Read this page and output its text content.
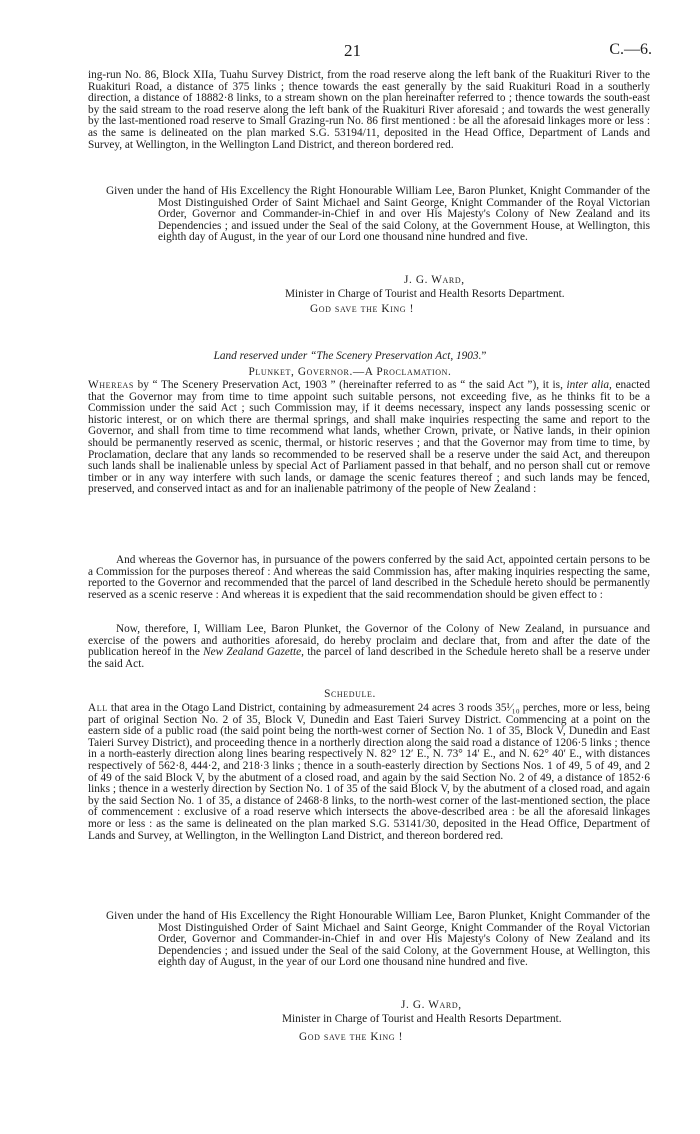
21	C.—6.

ing-run No. 86, Block XIIa, Tuahu Survey District, from the road reserve along the left bank of the Ruakituri River to the Ruakituri Road, a distance of 375 links ; thence towards the east generally by the said Ruakituri Road in a southerly direction, a distance of 18882·8 links, to a stream shown on the plan hereinafter referred to ; thence towards the south-east by the said stream to the road reserve along the left bank of the Ruakituri River aforesaid ; and towards the west generally by the last-mentioned road reserve to Small Grazing-run No. 86 first mentioned : be all the aforesaid linkages more or less : as the same is delineated on the plan marked S.G. 53194/11, deposited in the Head Office, Department of Lands and Survey, at Wellington, in the Wellington Land District, and thereon bordered red.

Given under the hand of His Excellency the Right Honourable William Lee, Baron Plunket, Knight Commander of the Most Distinguished Order of Saint Michael and Saint George, Knight Commander of the Royal Victorian Order, Governor and Commander-in-Chief in and over His Majesty's Colony of New Zealand and its Dependencies ; and issued under the Seal of the said Colony, at the Government House, at Wellington, this eighth day of August, in the year of our Lord one thousand nine hundred and five.

J. G. Ward,
Minister in Charge of Tourist and Health Resorts Department.
God save the King !
Land reserved under “The Scenery Preservation Act, 1903.”
Plunket, Governor.—A Proclamation.

Whereas by “ The Scenery Preservation Act, 1903 ” (hereinafter referred to as “ the said Act ”), it is, inter alia, enacted that the Governor may from time to time appoint such suitable persons, not exceeding five, as he thinks fit to be a Commission under the said Act ; such Commission may, if it deems necessary, inspect any lands possessing scenic or historic interest, or on which there are thermal springs, and shall make inquiries respecting the same and report to the Governor, and shall from time to time recommend what lands, whether Crown, private, or Native lands, in their opinion should be permanently reserved as scenic, thermal, or historic reserves ; and that the Governor may from time to time, by Proclamation, declare that any lands so recommended to be reserved shall be a reserve under the said Act, and thereupon such lands shall be inalienable unless by special Act of Parliament passed in that behalf, and no person shall cut or remove timber or in any way interfere with such lands, or damage the scenic features thereof ; and such lands may be fenced, preserved, and conserved intact as and for an inalienable patrimony of the people of New Zealand :

And whereas the Governor has, in pursuance of the powers conferred by the said Act, appointed certain persons to be a Commission for the purposes thereof : And whereas the said Commission has, after making inquiries respecting the same, reported to the Governor and recommended that the parcel of land described in the Schedule hereto should be permanently reserved as a scenic reserve : And whereas it is expedient that the said recommendation should be given effect to :

Now, therefore, I, William Lee, Baron Plunket, the Governor of the Colony of New Zealand, in pursuance and exercise of the powers and authorities aforesaid, do hereby proclaim and declare that, from and after the date of the publication hereof in the New Zealand Gazette, the parcel of land described in the Schedule hereto shall be a reserve under the said Act.

Schedule.

All that area in the Otago Land District, containing by admeasurement 24 acres 3 roods 35¹⁄₁₀ perches, more or less, being part of original Section No. 2 of 35, Block V, Dunedin and East Taieri Survey District. Commencing at a point on the eastern side of a public road (the said point being the north-west corner of Section No. 1 of 35, Block V, Dunedin and East Taieri Survey District), and proceeding thence in a northerly direction along the said road a distance of 1206·5 links ; thence in a north-easterly direction along lines bearing respectively N. 82° 12′ E., N. 73° 14′ E., and N. 62° 40′ E., with distances respectively of 562·8, 444·2, and 218·3 links ; thence in a south-easterly direction by Sections Nos. 1 of 49, 5 of 49, and 2 of 49 of the said Block V, by the abutment of a closed road, and again by the said Section No. 2 of 49, a distance of 1852·6 links ; thence in a westerly direction by Section No. 1 of 35 of the said Block V, by the abutment of a closed road, and again by the said Section No. 1 of 35, a distance of 2468·8 links, to the north-west corner of the last-mentioned section, the place of commencement : exclusive of a road reserve which intersects the above-described area : be all the aforesaid linkages more or less : as the same is delineated on the plan marked S.G. 53141/30, deposited in the Head Office, Department of Lands and Survey, at Wellington, in the Wellington Land District, and thereon bordered red.

Given under the hand of His Excellency the Right Honourable William Lee, Baron Plunket, Knight Commander of the Most Distinguished Order of Saint Michael and Saint George, Knight Commander of the Royal Victorian Order, Governor and Commander-in-Chief in and over His Majesty's Colony of New Zealand and its Dependencies ; and issued under the Seal of the said Colony, at the Government House, at Wellington, this eighth day of August, in the year of our Lord one thousand nine hundred and five.

J. G. Ward,
Minister in Charge of Tourist and Health Resorts Department.
God save the King !
